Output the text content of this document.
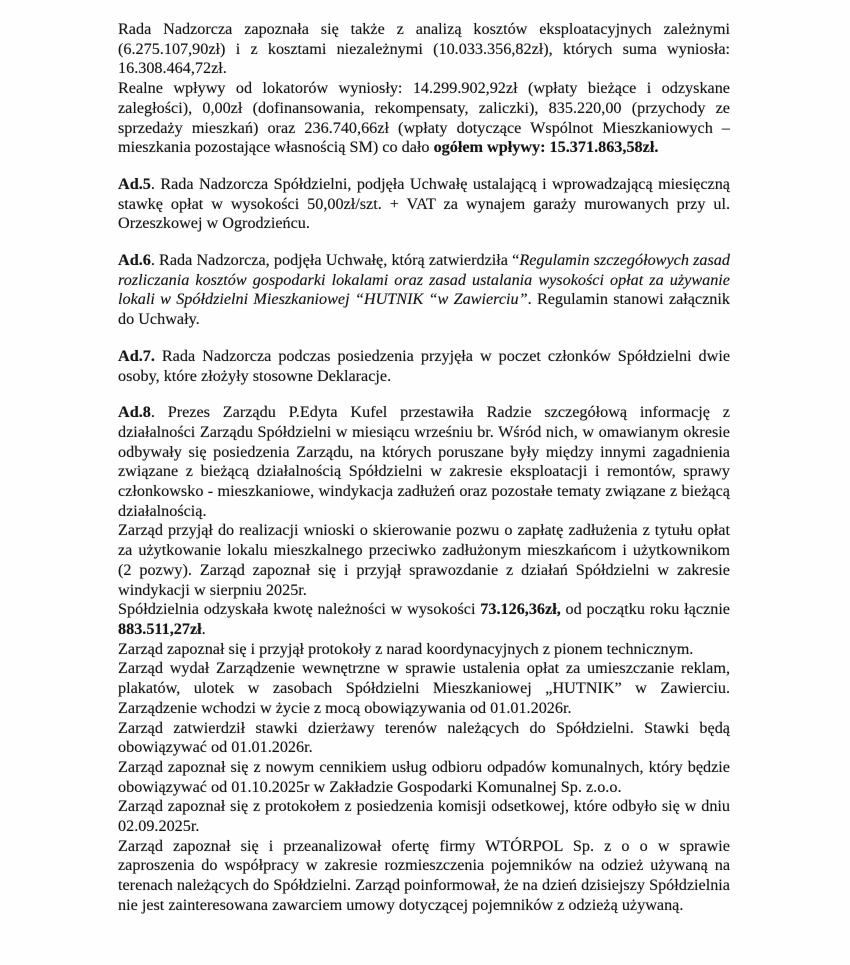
Rada Nadzorcza zapoznała się także z analizą kosztów eksploatacyjnych zależnymi (6.275.107,90zł) i z kosztami niezależnymi (10.033.356,82zł), których suma wyniosła: 16.308.464,72zł.

Realne wpływy od lokatorów wyniosły: 14.299.902,92zł (wpłaty bieżące i odzyskane zaległości), 0,00zł (dofinansowania, rekompensaty, zaliczki), 835.220,00 (przychody ze sprzedaży mieszkań) oraz 236.740,66zł (wpłaty dotyczące Wspólnot Mieszkaniowych – mieszkania pozostające własnością SM) co dało ogółem wpływy: 15.371.863,58zł.

Ad.5. Rada Nadzorcza Spółdzielni, podjęła Uchwałę ustalającą i wprowadzającą miesięczną stawkę opłat w wysokości 50,00zł/szt. + VAT za wynajem garaży murowanych przy ul. Orzeszkowej w Ogrodzieńcu.

Ad.6. Rada Nadzorcza, podjęła Uchwałę, którą zatwierdziła “Regulamin szczegółowych zasad rozliczania kosztów gospodarki lokalami oraz zasad ustalania wysokości opłat za używanie lokali w Spółdzielni Mieszkaniowej “HUTNIK “w Zawierciu”. Regulamin stanowi załącznik do Uchwały.

Ad.7. Rada Nadzorcza podczas posiedzenia przyjęła w poczet członków Spółdzielni dwie osoby, które złożyły stosowne Deklaracje.

Ad.8. Prezes Zarządu P.Edyta Kufel przestawiła Radzie szczegółową informację z działalności Zarządu Spółdzielni w miesiącu wrześniu br. Wśród nich, w omawianym okresie odbywały się posiedzenia Zarządu, na których poruszane były między innymi zagadnienia związane z bieżącą działalnością Spółdzielni w zakresie eksploatacji i remontów, sprawy członkowsko - mieszkaniowe, windykacja zadłużeń oraz pozostałe tematy związane z bieżącą działalnością.

Zarząd przyjął do realizacji wnioski o skierowanie pozwu o zapłatę zadłużenia z tytułu opłat za użytkowanie lokalu mieszkalnego przeciwko zadłużonym mieszkańcom i użytkownikom (2 pozwy). Zarząd zapoznał się i przyjął sprawozdanie z działań Spółdzielni w zakresie windykacji w sierpniu 2025r.

Spółdzielnia odzyskała kwotę należności w wysokości 73.126,36zł, od początku roku łącznie 883.511,27zł.

Zarząd zapoznał się i przyjął protokoły z narad koordynacyjnych z pionem technicznym.

Zarząd wydał Zarządzenie wewnętrzne w sprawie ustalenia opłat za umieszczanie reklam, plakatów, ulotek w zasobach Spółdzielni Mieszkaniowej „HUTNIK” w Zawierciu. Zarządzenie wchodzi w życie z mocą obowiązywania od 01.01.2026r.

Zarząd zatwierdził stawki dzierżawy terenów należących do Spółdzielni. Stawki będą obowiązywać od 01.01.2026r.

Zarząd zapoznał się z nowym cennikiem usług odbioru odpadów komunalnych, który będzie obowiązywać od 01.10.2025r w Zakładzie Gospodarki Komunalnej Sp. z.o.o.

Zarząd zapoznał się z protokołem z posiedzenia komisji odsetkowej, które odbyło się w dniu 02.09.2025r.

Zarząd zapoznał się i przeanalizował ofertę firmy WTÓRPOL Sp. z o o w sprawie zaproszenia do współpracy w zakresie rozmieszczenia pojemników na odzież używaną na terenach należących do Spółdzielni. Zarząd poinformował, że na dzień dzisiejszy Spółdzielnia nie jest zainteresowana zawarciem umowy dotyczącej pojemników z odzieżą używaną.
